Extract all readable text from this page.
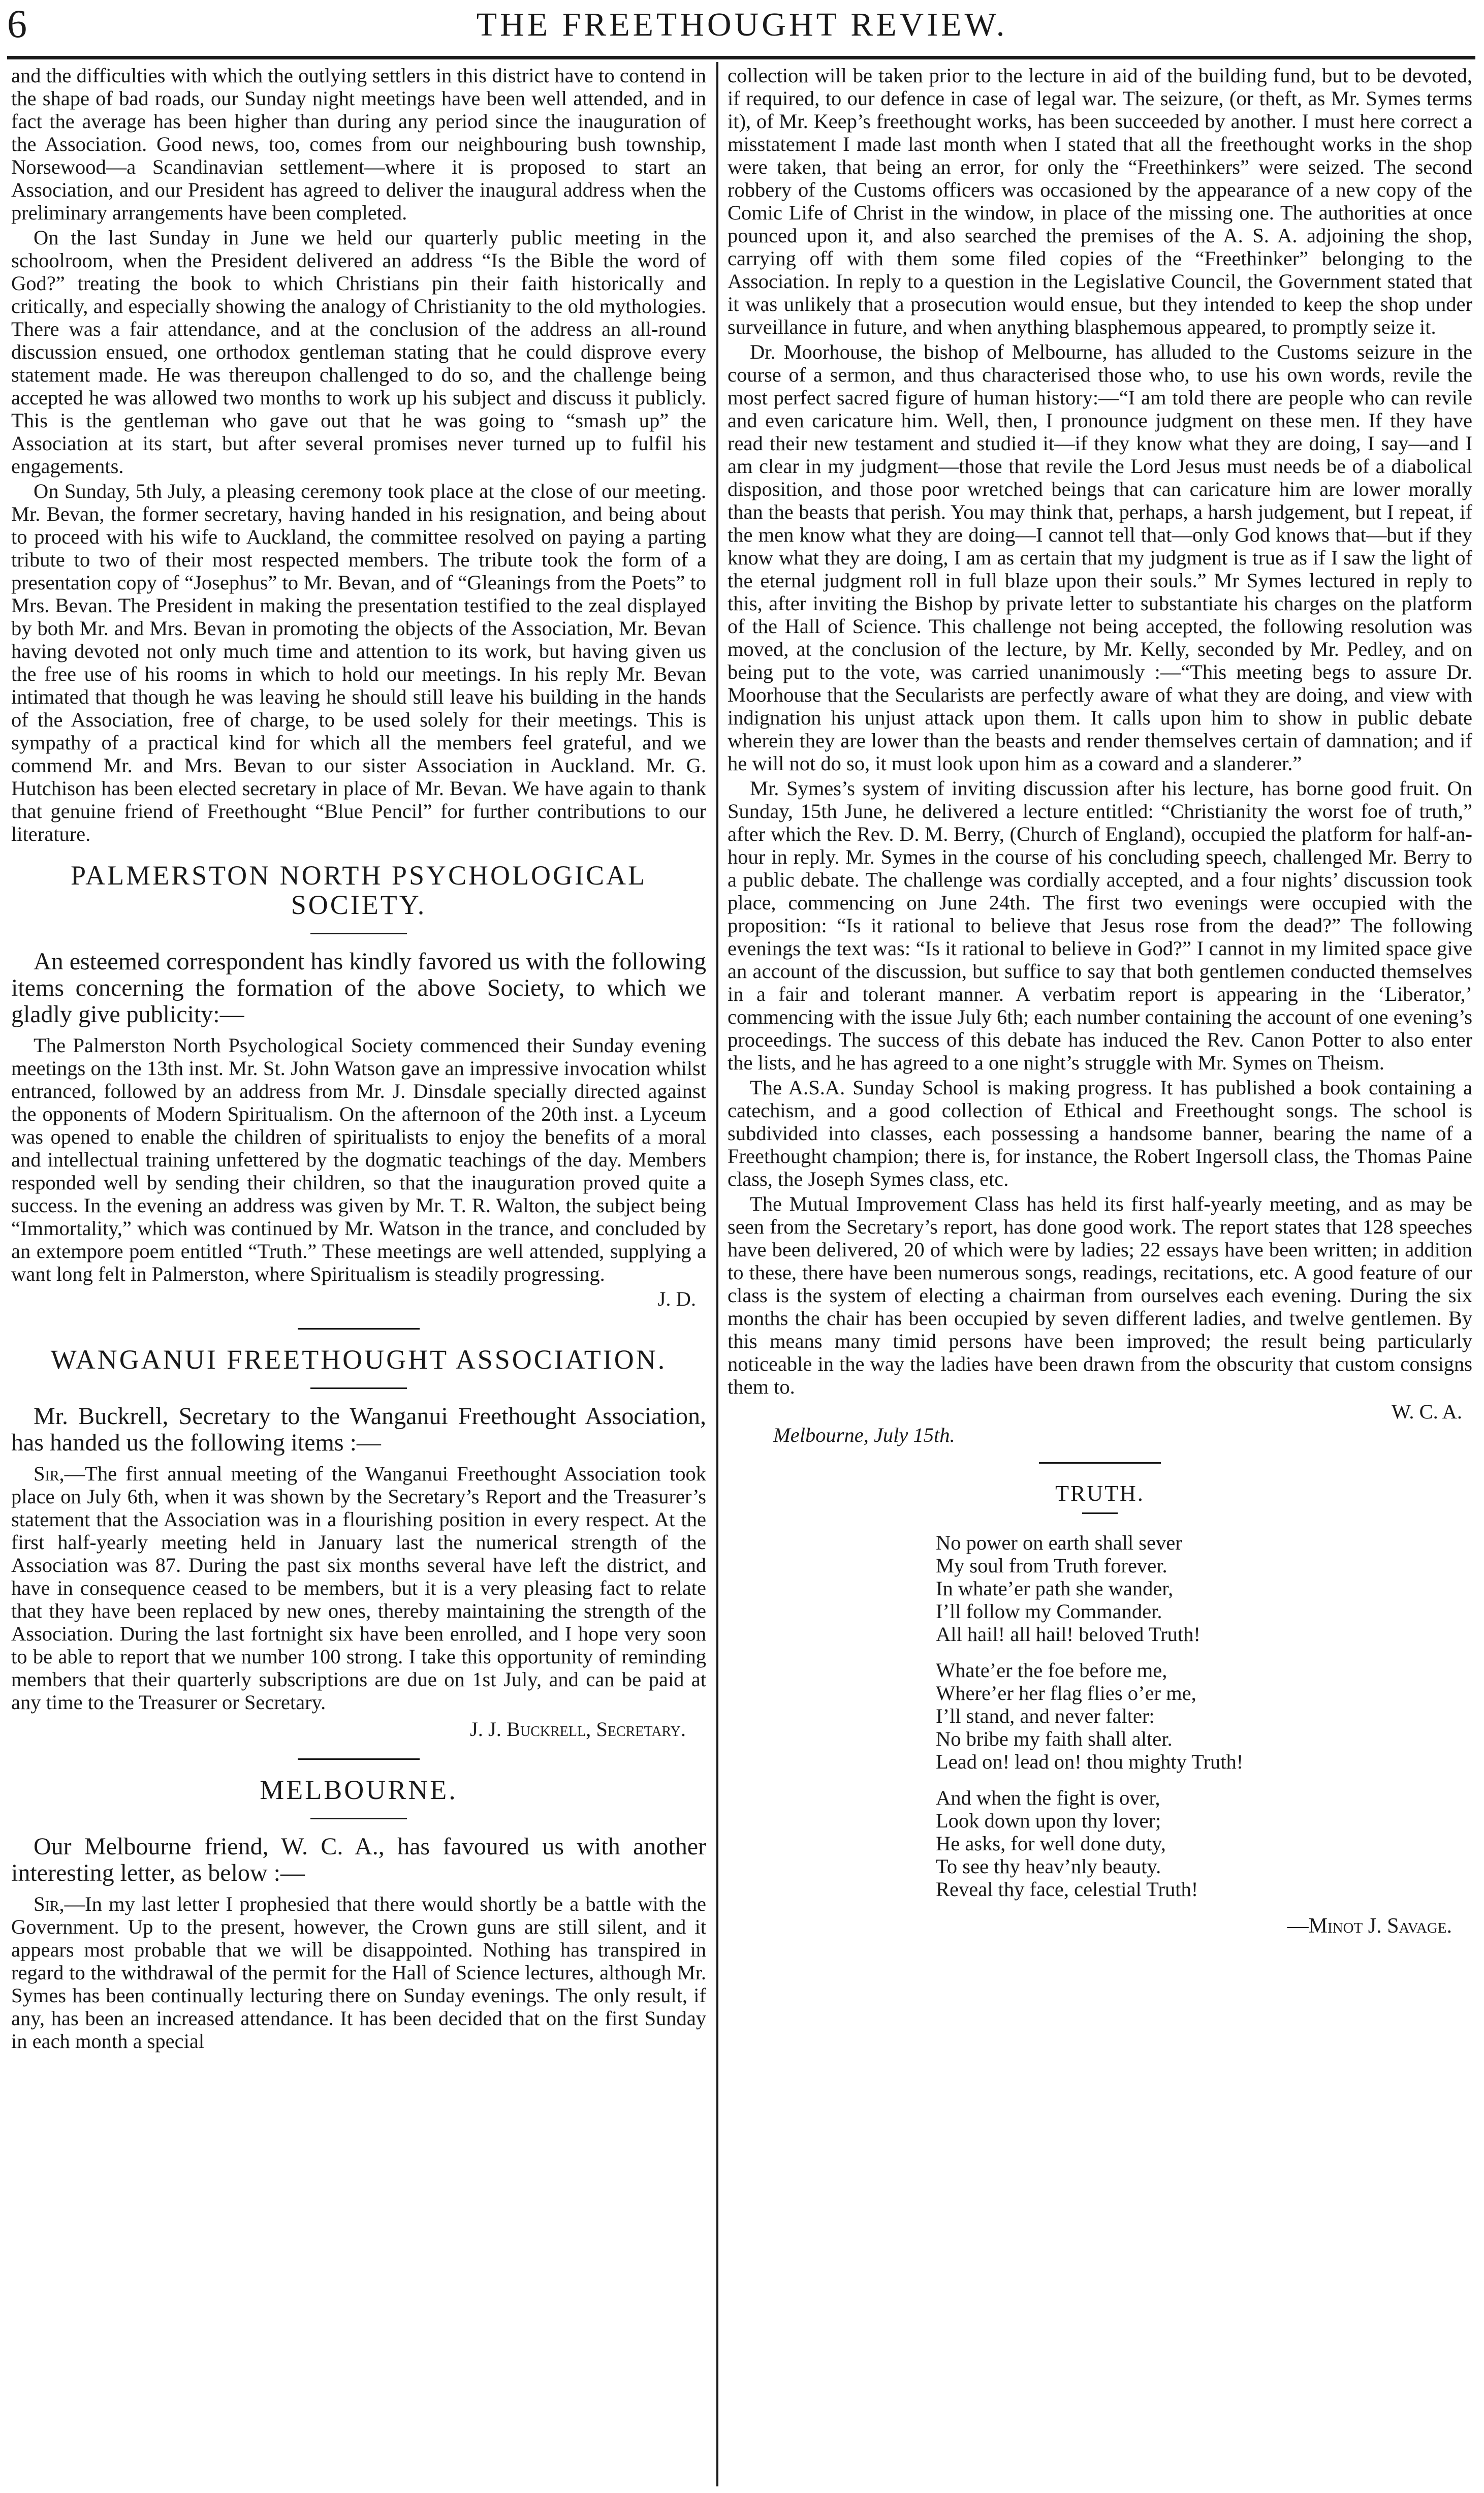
6	THE FREETHOUGHT REVIEW.

and the difficulties with which the outlying settlers in this district have to contend in the shape of bad roads, our Sunday night meetings have been well attended, and in fact the average has been higher than during any period since the inauguration of the Association. Good news, too, comes from our neighbouring bush township, Norsewood—a Scandinavian settlement—where it is proposed to start an Association, and our President has agreed to deliver the inaugural address when the preliminary arrangements have been completed.

On the last Sunday in June we held our quarterly public meeting in the schoolroom, when the President delivered an address “Is the Bible the word of God?” treating the book to which Christians pin their faith historically and critically, and especially showing the analogy of Christianity to the old mythologies. There was a fair attendance, and at the conclusion of the address an all-round discussion ensued, one orthodox gentleman stating that he could disprove every statement made. He was thereupon challenged to do so, and the challenge being accepted he was allowed two months to work up his subject and discuss it publicly. This is the gentleman who gave out that he was going to “smash up” the Association at its start, but after several promises never turned up to fulfil his engagements.

On Sunday, 5th July, a pleasing ceremony took place at the close of our meeting. Mr. Bevan, the former secretary, having handed in his resignation, and being about to proceed with his wife to Auckland, the committee resolved on paying a parting tribute to two of their most respected members. The tribute took the form of a presentation copy of “Josephus” to Mr. Bevan, and of “Gleanings from the Poets” to Mrs. Bevan. The President in making the presentation testified to the zeal displayed by both Mr. and Mrs. Bevan in promoting the objects of the Association, Mr. Bevan having devoted not only much time and attention to its work, but having given us the free use of his rooms in which to hold our meetings. In his reply Mr. Bevan intimated that though he was leaving he should still leave his building in the hands of the Association, free of charge, to be used solely for their meetings. This is sympathy of a practical kind for which all the members feel grateful, and we commend Mr. and Mrs. Bevan to our sister Association in Auckland. Mr. G. Hutchison has been elected secretary in place of Mr. Bevan. We have again to thank that genuine friend of Freethought “Blue Pencil” for further contributions to our literature.

PALMERSTON NORTH PSYCHOLOGICAL
SOCIETY.

An esteemed correspondent has kindly favored us with the following items concerning the formation of the above Society, to which we gladly give publicity:—

The Palmerston North Psychological Society commenced their Sunday evening meetings on the 13th inst. Mr. St. John Watson gave an impressive invocation whilst entranced, followed by an address from Mr. J. Dinsdale specially directed against the opponents of Modern Spiritualism. On the afternoon of the 20th inst. a Lyceum was opened to enable the children of spiritualists to enjoy the benefits of a moral and intellectual training unfettered by the dogmatic teachings of the day. Members responded well by sending their children, so that the inauguration proved quite a success. In the evening an address was given by Mr. T. R. Walton, the subject being “Immortality,” which was continued by Mr. Watson in the trance, and concluded by an extempore poem entitled “Truth.” These meetings are well attended, supplying a want long felt in Palmerston, where Spiritualism is steadily progressing.

J. D.
WANGANUI FREETHOUGHT ASSOCIATION.

Mr. Buckrell, Secretary to the Wanganui Freethought Association, has handed us the following items :—

Sir,—The first annual meeting of the Wanganui Freethought Association took place on July 6th, when it was shown by the Secretary’s Report and the Treasurer’s statement that the Association was in a flourishing position in every respect. At the first half-yearly meeting held in January last the numerical strength of the Association was 87. During the past six months several have left the district, and have in consequence ceased to be members, but it is a very pleasing fact to relate that they have been replaced by new ones, thereby maintaining the strength of the Association. During the last fortnight six have been enrolled, and I hope very soon to be able to report that we number 100 strong. I take this opportunity of reminding members that their quarterly subscriptions are due on 1st July, and can be paid at any time to the Treasurer or Secretary.

J. J. Buckrell, Secretary.
MELBOURNE.

Our Melbourne friend, W. C. A., has favoured us with another interesting letter, as below :—

Sir,—In my last letter I prophesied that there would shortly be a battle with the Government. Up to the present, however, the Crown guns are still silent, and it appears most probable that we will be disappointed. Nothing has transpired in regard to the withdrawal of the permit for the Hall of Science lectures, although Mr. Symes has been continually lecturing there on Sunday evenings. The only result, if any, has been an increased attendance. It has been decided that on the first Sunday in each month a special

collection will be taken prior to the lecture in aid of the building fund, but to be devoted, if required, to our defence in case of legal war. The seizure, (or theft, as Mr. Symes terms it), of Mr. Keep’s freethought works, has been succeeded by another. I must here correct a misstatement I made last month when I stated that all the freethought works in the shop were taken, that being an error, for only the “Freethinkers” were seized. The second robbery of the Customs officers was occasioned by the appearance of a new copy of the Comic Life of Christ in the window, in place of the missing one. The authorities at once pounced upon it, and also searched the premises of the A. S. A. adjoining the shop, carrying off with them some filed copies of the “Freethinker” belonging to the Association. In reply to a question in the Legislative Council, the Government stated that it was unlikely that a prosecution would ensue, but they intended to keep the shop under surveillance in future, and when anything blasphemous appeared, to promptly seize it.

Dr. Moorhouse, the bishop of Melbourne, has alluded to the Customs seizure in the course of a sermon, and thus characterised those who, to use his own words, revile the most perfect sacred figure of human history:—“I am told there are people who can revile and even caricature him. Well, then, I pronounce judgment on these men. If they have read their new testament and studied it—if they know what they are doing, I say—and I am clear in my judgment—those that revile the Lord Jesus must needs be of a diabolical disposition, and those poor wretched beings that can caricature him are lower morally than the beasts that perish. You may think that, perhaps, a harsh judgement, but I repeat, if the men know what they are doing—I cannot tell that—only God knows that—but if they know what they are doing, I am as certain that my judgment is true as if I saw the light of the eternal judgment roll in full blaze upon their souls.” Mr Symes lectured in reply to this, after inviting the Bishop by private letter to substantiate his charges on the platform of the Hall of Science. This challenge not being accepted, the following resolution was moved, at the conclusion of the lecture, by Mr. Kelly, seconded by Mr. Pedley, and on being put to the vote, was carried unanimously :—“This meeting begs to assure Dr. Moorhouse that the Secularists are perfectly aware of what they are doing, and view with indignation his unjust attack upon them. It calls upon him to show in public debate wherein they are lower than the beasts and render themselves certain of damnation; and if he will not do so, it must look upon him as a coward and a slanderer.”

Mr. Symes’s system of inviting discussion after his lecture, has borne good fruit. On Sunday, 15th June, he delivered a lecture entitled: “Christianity the worst foe of truth,” after which the Rev. D. M. Berry, (Church of England), occupied the platform for half-an-hour in reply. Mr. Symes in the course of his concluding speech, challenged Mr. Berry to a public debate. The challenge was cordially accepted, and a four nights’ discussion took place, commencing on June 24th. The first two evenings were occupied with the proposition: “Is it rational to believe that Jesus rose from the dead?” The following evenings the text was: “Is it rational to believe in God?” I cannot in my limited space give an account of the discussion, but suffice to say that both gentlemen conducted themselves in a fair and tolerant manner. A verbatim report is appearing in the ‘Liberator,’ commencing with the issue July 6th; each number containing the account of one evening’s proceedings. The success of this debate has induced the Rev. Canon Potter to also enter the lists, and he has agreed to a one night’s struggle with Mr. Symes on Theism.

The A.S.A. Sunday School is making progress. It has published a book containing a catechism, and a good collection of Ethical and Freethought songs. The school is subdivided into classes, each possessing a handsome banner, bearing the name of a Freethought champion; there is, for instance, the Robert Ingersoll class, the Thomas Paine class, the Joseph Symes class, etc.

The Mutual Improvement Class has held its first half-yearly meeting, and as may be seen from the Secretary’s report, has done good work. The report states that 128 speeches have been delivered, 20 of which were by ladies; 22 essays have been written; in addition to these, there have been numerous songs, readings, recitations, etc. A good feature of our class is the system of electing a chairman from ourselves each evening. During the six months the chair has been occupied by seven different ladies, and twelve gentlemen. By this means many timid persons have been improved; the result being particularly noticeable in the way the ladies have been drawn from the obscurity that custom consigns them to.

W. C. A.
Melbourne, July 15th.
TRUTH.
No power on earth shall sever
My soul from Truth forever.
In whate’er path she wander,
I’ll follow my Commander.
All hail! all hail! beloved Truth!
Whate’er the foe before me,
Where’er her flag flies o’er me,
I’ll stand, and never falter:
No bribe my faith shall alter.
Lead on! lead on! thou mighty Truth!
And when the fight is over,
Look down upon thy lover;
He asks, for well done duty,
To see thy heav’nly beauty.
Reveal thy face, celestial Truth!
—Minot J. Savage.
